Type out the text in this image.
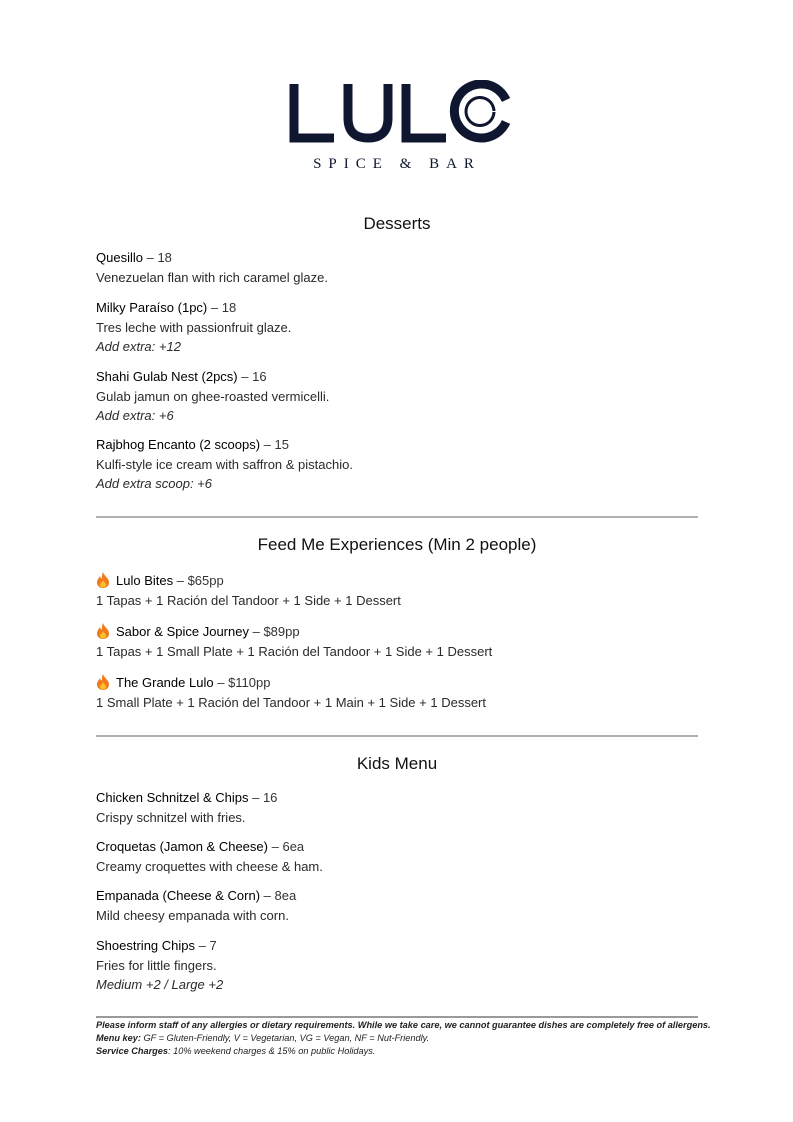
SPICE & BAR
Desserts
Quesillo – 18
Venezuelan flan with rich caramel glaze.
Milky Paraíso (1pc) – 18
Tres leche with passionfruit glaze.
Add extra: +12
Shahi Gulab Nest (2pcs) – 16
Gulab jamun on ghee-roasted vermicelli.
Add extra: +6
Rajbhog Encanto (2 scoops) – 15
Kulfi-style ice cream with saffron & pistachio.
Add extra scoop: +6
Feed Me Experiences (Min 2 people)
Lulo Bites – $65pp
1 Tapas + 1 Ración del Tandoor + 1 Side + 1 Dessert
Sabor & Spice Journey – $89pp
1 Tapas + 1 Small Plate + 1 Ración del Tandoor + 1 Side + 1 Dessert
The Grande Lulo – $110pp
1 Small Plate + 1 Ración del Tandoor + 1 Main + 1 Side + 1 Dessert
Kids Menu
Chicken Schnitzel & Chips – 16
Crispy schnitzel with fries.
Croquetas (Jamon & Cheese) – 6ea
Creamy croquettes with cheese & ham.
Empanada (Cheese & Corn) – 8ea
Mild cheesy empanada with corn.
Shoestring Chips – 7
Fries for little fingers.
Medium +2 / Large +2
Please inform staff of any allergies or dietary requirements. While we take care, we cannot guarantee dishes are completely free of allergens.
Menu key: GF = Gluten-Friendly, V = Vegetarian, VG = Vegan, NF = Nut-Friendly.
Service Charges: 10% weekend charges & 15% on public Holidays.
